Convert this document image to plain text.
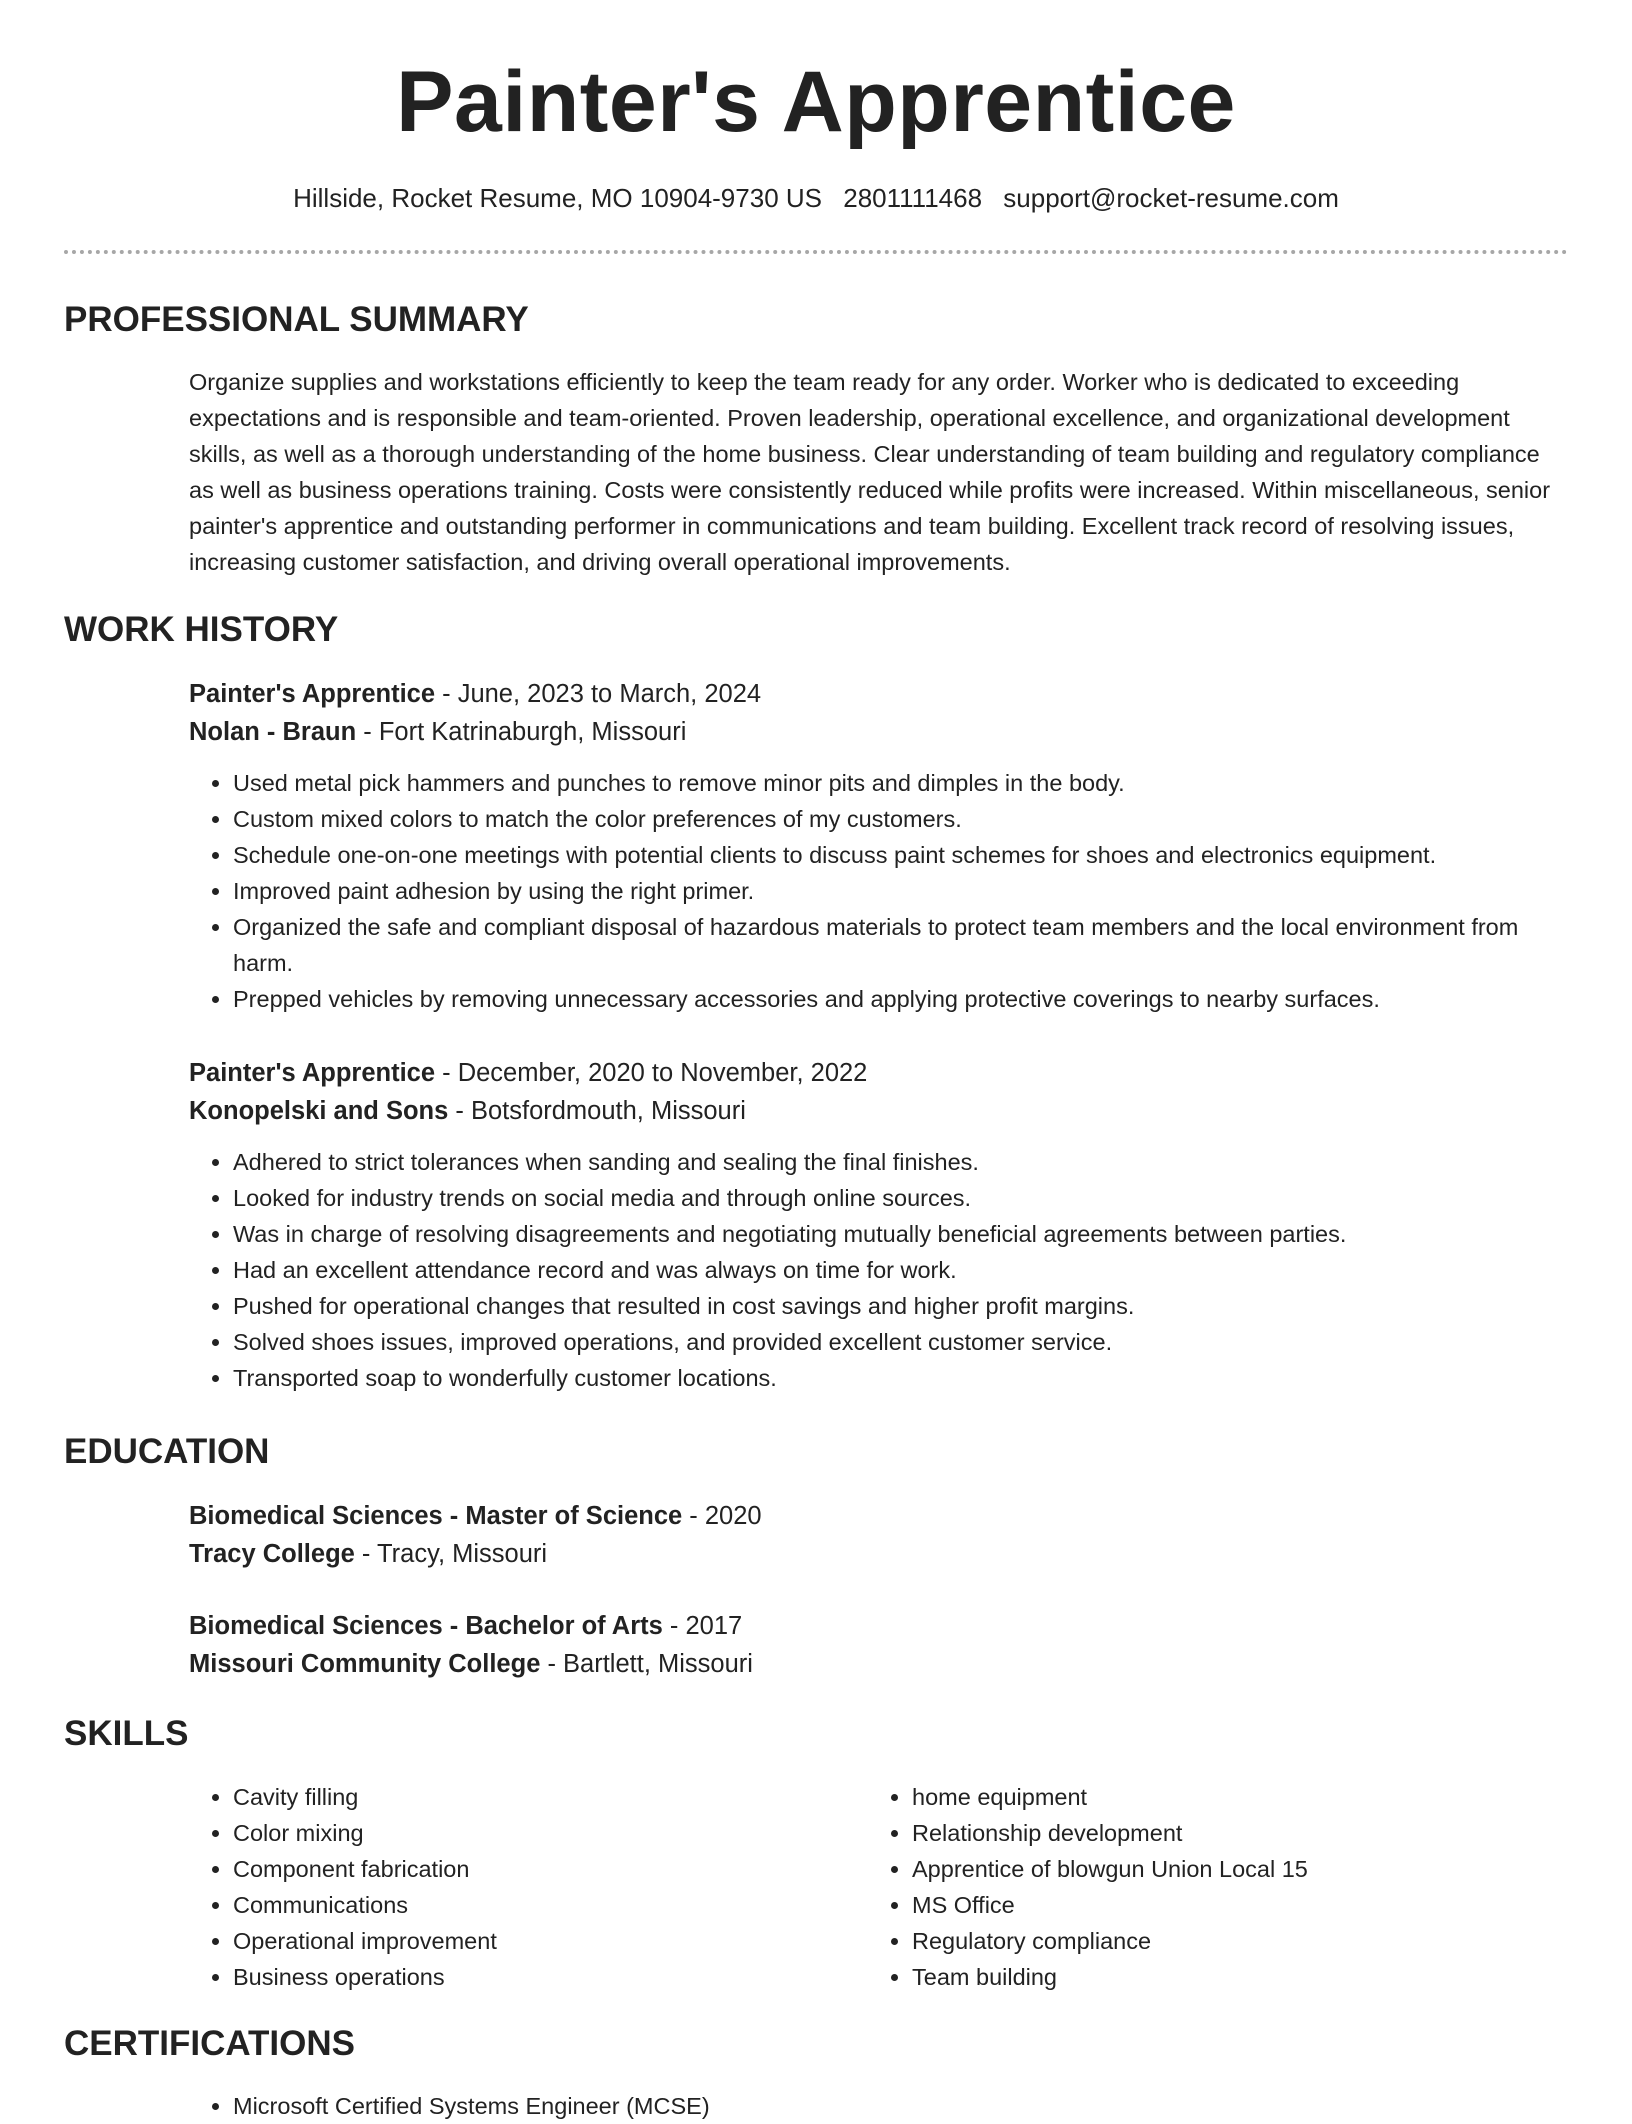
Painter's Apprentice
Hillside, Rocket Resume, MO 10904-9730 US 2801111468 support@rocket-resume.com
PROFESSIONAL SUMMARY

Organize supplies and workstations efficiently to keep the team ready for any order. Worker who is dedicated to exceeding expectations and is responsible and team-oriented. Proven leadership, operational excellence, and organizational development skills, as well as a thorough understanding of the home business. Clear understanding of team building and regulatory compliance as well as business operations training. Costs were consistently reduced while profits were increased. Within miscellaneous, senior painter's apprentice and outstanding performer in communications and team building. Excellent track record of resolving issues, increasing customer satisfaction, and driving overall operational improvements.

WORK HISTORY
Painter's Apprentice - June, 2023 to March, 2024
Nolan - Braun - Fort Katrinaburgh, Missouri
• Used metal pick hammers and punches to remove minor pits and dimples in the body.
• Custom mixed colors to match the color preferences of my customers.
• Schedule one-on-one meetings with potential clients to discuss paint schemes for shoes and electronics equipment.
• Improved paint adhesion by using the right primer.
• Organized the safe and compliant disposal of hazardous materials to protect team members and the local environment from harm.
• Prepped vehicles by removing unnecessary accessories and applying protective coverings to nearby surfaces.
Painter's Apprentice - December, 2020 to November, 2022
Konopelski and Sons - Botsfordmouth, Missouri
• Adhered to strict tolerances when sanding and sealing the final finishes.
• Looked for industry trends on social media and through online sources.
• Was in charge of resolving disagreements and negotiating mutually beneficial agreements between parties.
• Had an excellent attendance record and was always on time for work.
• Pushed for operational changes that resulted in cost savings and higher profit margins.
• Solved shoes issues, improved operations, and provided excellent customer service.
• Transported soap to wonderfully customer locations.
EDUCATION
Biomedical Sciences - Master of Science - 2020
Tracy College - Tracy, Missouri
Biomedical Sciences - Bachelor of Arts - 2017
Missouri Community College - Bartlett, Missouri
SKILLS
• Cavity filling
• Color mixing
• Component fabrication
• Communications
• Operational improvement
• Business operations
• home equipment
• Relationship development
• Apprentice of blowgun Union Local 15
• MS Office
• Regulatory compliance
• Team building
CERTIFICATIONS
• Microsoft Certified Systems Engineer (MCSE)
